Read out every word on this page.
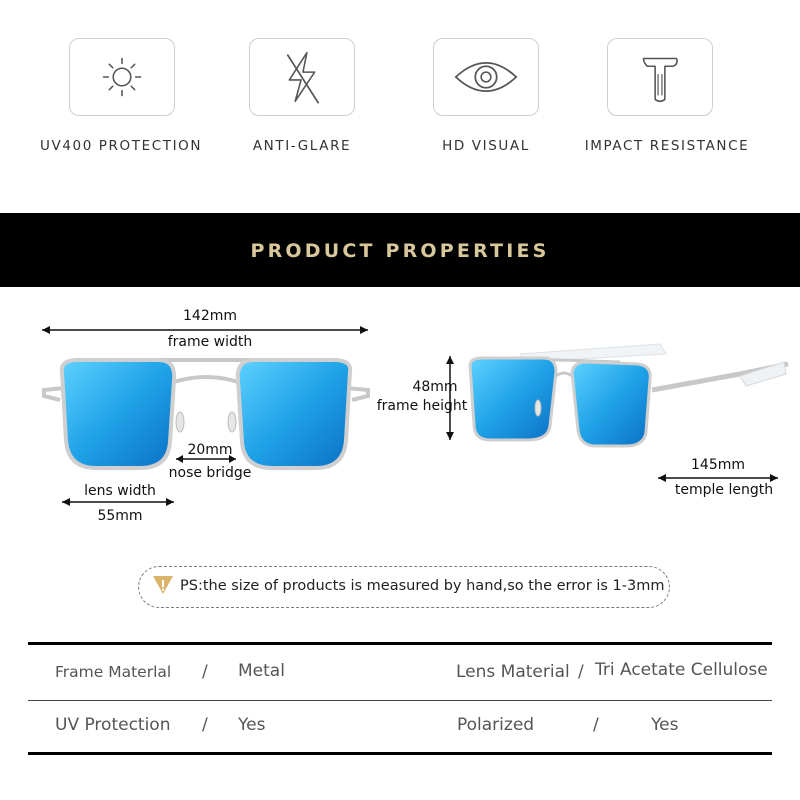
UV400 PROTECTION	ANTI-GLARE	HD VISUAL	IMPACT RESISTANCE
PRODUCT PROPERTIES
142mm
frame width
20mm
nose bridge
lens width
55mm
48mm
frame height
145mm
temple length
PS:the size of products is measured by hand,so the error is 1-3mm
Frame Materlal / Metal	Lens Material / Tri Acetate Cellulose
UV Protection / Yes	Polarized	/	Yes
